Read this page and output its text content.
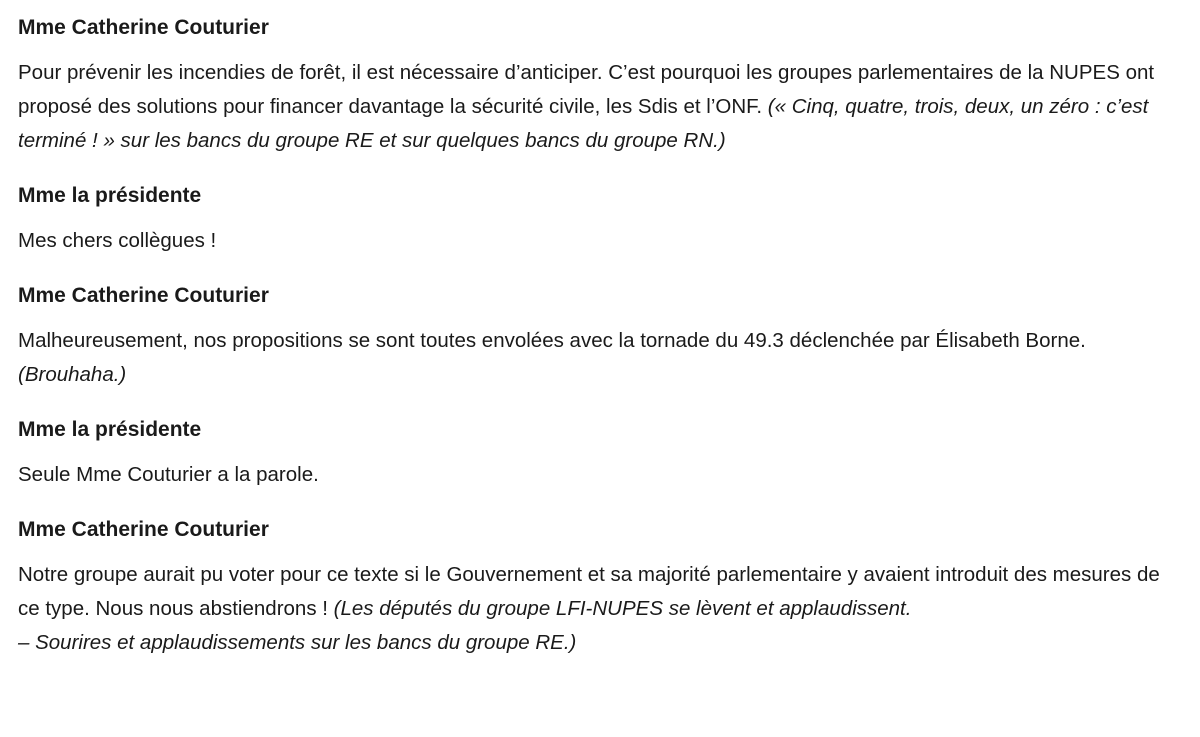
Mme Catherine Couturier

Pour prévenir les incendies de forêt, il est nécessaire d’anticiper. C’est pourquoi les groupes parlementaires de la NUPES ont proposé des solutions pour financer davantage la sécurité civile, les Sdis et l’ONF. (« Cinq, quatre, trois, deux, un zéro : c’est terminé ! » sur les bancs du groupe RE et sur quelques bancs du groupe RN.)

Mme la présidente

Mes chers collègues !

Mme Catherine Couturier

Malheureusement, nos propositions se sont toutes envolées avec la tornade du 49.3 déclenchée par Élisabeth Borne. (Brouhaha.)

Mme la présidente

Seule Mme Couturier a la parole.

Mme Catherine Couturier

Notre groupe aurait pu voter pour ce texte si le Gouvernement et sa majorité parlementaire y avaient introduit des mesures de ce type. Nous nous abstiendrons ! (Les députés du groupe LFI-NUPES se lèvent et applaudissent.
– Sourires et applaudissements sur les bancs du groupe RE.)
